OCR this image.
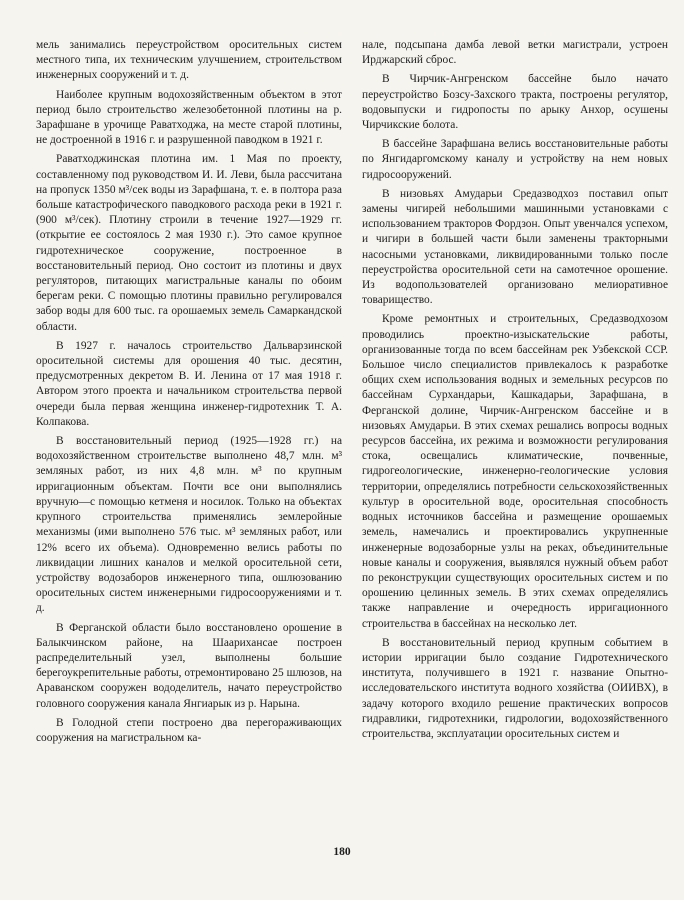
мель занимались переустройством оросительных систем местного типа, их техническим улучшением, строительством инженерных сооружений и т. д.

Наиболее крупным водохозяйственным объектом в этот период было строительство железобетонной плотины на р. Зарафшане в урочище Раватходжа, на месте старой плотины, не достроенной в 1916 г. и разрушенной паводком в 1921 г.

Раватходжинская плотина им. 1 Мая по проекту, составленному под руководством И. И. Леви, была рассчитана на пропуск 1350 м³/сек воды из Зарафшана, т. е. в полтора раза больше катастрофического паводкового расхода реки в 1921 г. (900 м³/сек). Плотину строили в течение 1927—1929 гг. (открытие ее состоялось 2 мая 1930 г.). Это самое крупное гидротехническое сооружение, построенное в восстановительный период. Оно состоит из плотины и двух регуляторов, питающих магистральные каналы по обоим берегам реки. С помощью плотины правильно регулировался забор воды для 600 тыс. га орошаемых земель Самаркандской области.

В 1927 г. началось строительство Дальварзинской оросительной системы для орошения 40 тыс. десятин, предусмотренных декретом В. И. Ленина от 17 мая 1918 г. Автором этого проекта и начальником строительства первой очереди была первая женщина инженер-гидротехник Т. А. Колпакова.

В восстановительный период (1925—1928 гг.) на водохозяйственном строительстве выполнено 48,7 млн. м³ земляных работ, из них 4,8 млн. м³ по крупным ирригационным объектам. Почти все они выполнялись вручную—с помощью кетменя и носилок. Только на объектах крупного строительства применялись землеройные механизмы (ими выполнено 576 тыс. м³ земляных работ, или 12% всего их объема). Одновременно велись работы по ликвидации лишних каналов и мелкой оросительной сети, устройству водозаборов инженерного типа, ошлюзованию оросительных систем инженерными гидросооружениями и т. д.

В Ферганской области было восстановлено орошение в Балыкчинском районе, на Шаарихансае построен распределительный узел, выполнены большие берегоукрепительные работы, отремонтировано 25 шлюзов, на Араванском сооружен вододелитель, начато переустройство головного сооружения канала Янгиарык из р. Нарына.

В Голодной степи построено два перегораживающих сооружения на магистральном ка-

нале, подсыпана дамба левой ветки магистрали, устроен Ирджарский сброс.

В Чирчик-Ангренском бассейне было начато переустройство Бозсу-Захского тракта, построены регулятор, водовыпуски и гидропосты по арыку Анхор, осушены Чирчикские болота.

В бассейне Зарафшана велись восстановительные работы по Янгидаргомскому каналу и устройству на нем новых гидросооружений.

В низовьях Амударьи Средазводхоз поставил опыт замены чигирей небольшими машинными установками с использованием тракторов Фордзон. Опыт увенчался успехом, и чигири в большей части были заменены тракторными насосными установками, ликвидированными только после переустройства оросительной сети на самотечное орошение. Из водопользователей организовано мелиоративное товарищество.

Кроме ремонтных и строительных, Средазводхозом проводились проектно-изыскательские работы, организованные тогда по всем бассейнам рек Узбекской ССР. Большое число специалистов привлекалось к разработке общих схем использования водных и земельных ресурсов по бассейнам Сурхандарьи, Кашкадарьи, Зарафшана, в Ферганской долине, Чирчик-Ангренском бассейне и в низовьях Амударьи. В этих схемах решались вопросы водных ресурсов бассейна, их режима и возможности регулирования стока, освещались климатические, почвенные, гидрогеологические, инженерно-геологические условия территории, определялись потребности сельскохозяйственных культур в оросительной воде, оросительная способность водных источников бассейна и размещение орошаемых земель, намечались и проектировались укрупненные инженерные водозаборные узлы на реках, объединительные новые каналы и сооружения, выявлялся нужный объем работ по реконструкции существующих оросительных систем и по орошению целинных земель. В этих схемах определялись также направление и очередность ирригационного строительства в бассейнах на несколько лет.

В восстановительный период крупным событием в истории ирригации было создание Гидротехнического института, получившего в 1921 г. название Опытно-исследовательского института водного хозяйства (ОИИВХ), в задачу которого входило решение практических вопросов гидравлики, гидротехники, гидрологии, водохозяйственного строительства, эксплуатации оросительных систем и

180
